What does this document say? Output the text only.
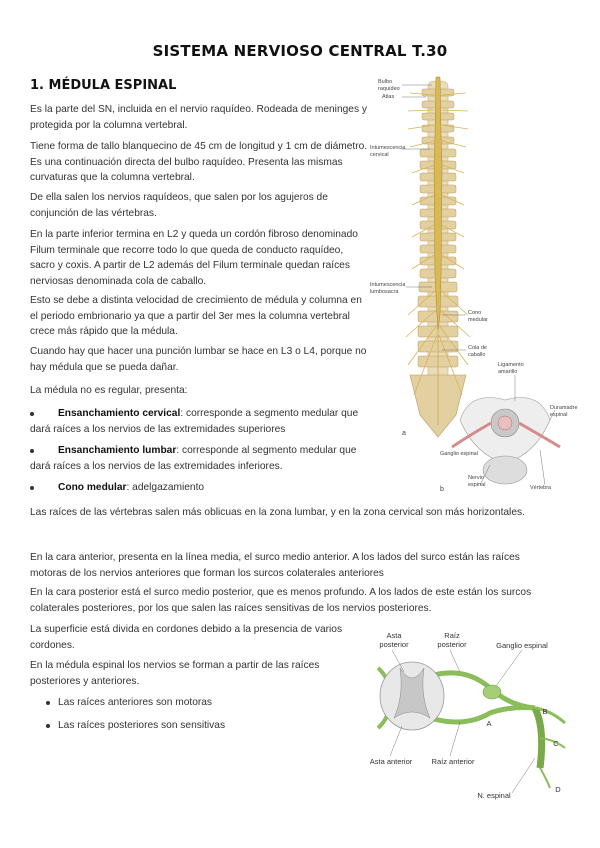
SISTEMA NERVIOSO CENTRAL T.30
1. MÉDULA ESPINAL

Es la parte del SN, incluida en el nervio raquídeo. Rodeada de meninges y protegida por la columna vertebral.

Tiene forma de tallo blanquecino de 45 cm de longitud y 1 cm de diámetro. Es una continuación directa del bulbo raquídeo. Presenta las mismas curvaturas que la columna vertebral.

De ella salen los nervios raquídeos, que salen por los agujeros de conjunción de las vértebras.

En la parte inferior termina en L2 y queda un cordón fibroso denominado Filum terminale que recorre todo lo que queda de conducto raquídeo, sacro y coxis. A partir de L2 además del Filum terminale quedan raíces nerviosas denominada cola de caballo.

Esto se debe a distinta velocidad de crecimiento de médula y columna en el periodo embrionario ya que a partir del 3er mes la columna vertebral crece más rápido que la médula.

Cuando hay que hacer una punción lumbar se hace en L3 o L4, porque no hay médula que se pueda dañar.

La médula no es regular, presenta:

Ensanchamiento cervical: corresponde a segmento medular que dará raíces a los nervios de las extremidades superiores
Ensanchamiento lumbar: corresponde al segmento medular que dará raíces a los nervios de las extremidades inferiores.
Cono medular: adelgazamiento

Las raíces de las vértebras salen más oblicuas en la zona lumbar, y en la zona cervical son más horizontales.

En la cara anterior, presenta en la línea media, el surco medio anterior. A los lados del surco están las raíces motoras de los nervios anteriores que forman los surcos colaterales anteriores

En la cara posterior está el surco medio posterior, que es menos profundo. A los lados de este están los surcos colaterales posteriores, por los que salen las raíces sensitivas de los nervios posteriores.

La superficie está divida en cordones debido a la presencia de varios cordones.

En la médula espinal los nervios se forman a partir de las raíces posteriores y anteriores.

Las raíces anteriores son motoras
Las raíces posteriores son sensitivas
Bulbo raquídeo
Atlas
Intumescencia cervical
Intumescencia lumbosacra
Cono medular
Cola de caballo
Ligamento amarillo
Duramadre espinal
Ganglio espinal
Nervio espinal
Vértebra
a
b
Asta posterior
Raíz posterior	Ganglio espinal
Asta anterior	Raíz anterior
N. espinal
A
B
C
D
